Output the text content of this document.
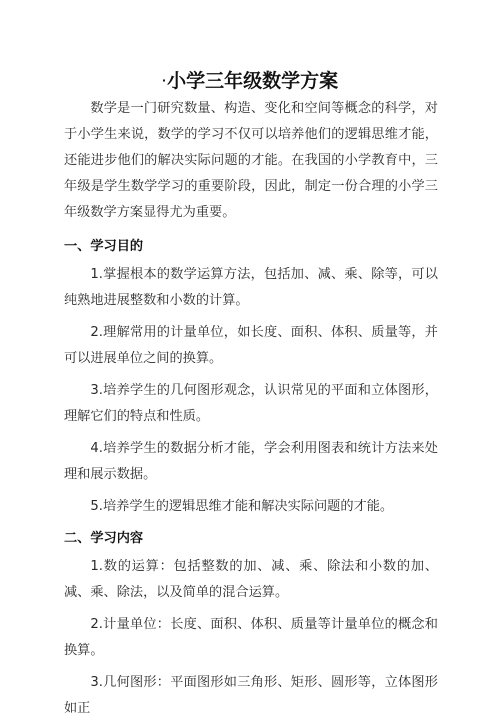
·小学三年级数学方案

数学是一门研究数量、构造、变化和空间等概念的科学，对于小学生来说，数学的学习不仅可以培养他们的逻辑思维才能，还能进步他们的解决实际问题的才能。在我国的小学教育中，三年级是学生数学学习的重要阶段，因此，制定一份合理的小学三年级数学方案显得尤为重要。

一、学习目的

1.掌握根本的数学运算方法，包括加、减、乘、除等，可以纯熟地进展整数和小数的计算。

2.理解常用的计量单位，如长度、面积、体积、质量等，并可以进展单位之间的换算。

3.培养学生的几何图形观念，认识常见的平面和立体图形，理解它们的特点和性质。

4.培养学生的数据分析才能，学会利用图表和统计方法来处理和展示数据。

5.培养学生的逻辑思维才能和解决实际问题的才能。

二、学习内容

1.数的运算：包括整数的加、减、乘、除法和小数的加、减、乘、除法，以及简单的混合运算。

2.计量单位：长度、面积、体积、质量等计量单位的概念和换算。

3.几何图形：平面图形如三角形、矩形、圆形等，立体图形如正
